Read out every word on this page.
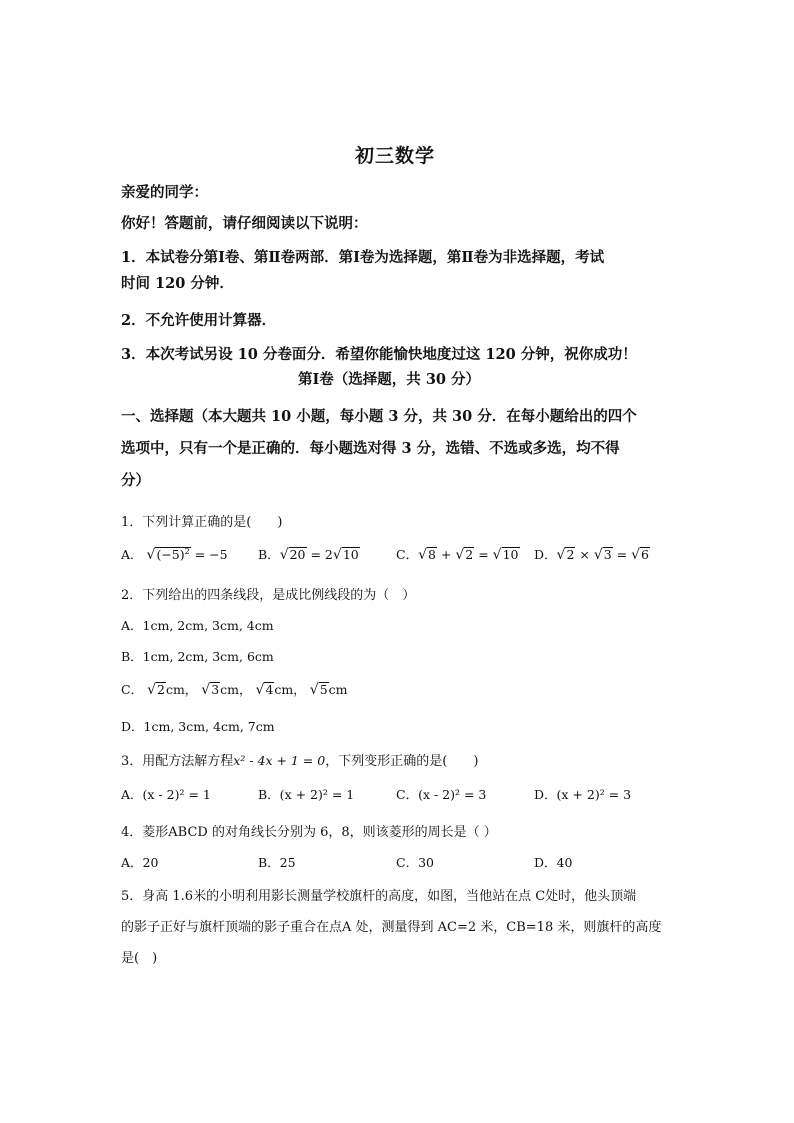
初三数学
亲爱的同学：
你好！答题前，请仔细阅读以下说明：
1．本试卷分第Ⅰ卷、第Ⅱ卷两部．第Ⅰ卷为选择题，第Ⅱ卷为非选择题，考试
时间 120 分钟．
2．不允许使用计算器．
3．本次考试另设 10 分卷面分．希望你能愉快地度过这 120 分钟，祝你成功！
第Ⅰ卷（选择题，共 30 分）
一、选择题（本大题共 10 小题，每小题 3 分，共 30 分．在每小题给出的四个
选项中，只有一个是正确的．每小题选对得 3 分，选错、不选或多选，均不得
分）
1．下列计算正确的是(　　)
A． $√(-5)^2 = -5$ B．√20 = 2√10	C．√8 + √2 = √10 D．√2 × √3 = √6
2．下列给出的四条线段，是成比例线段的为（　）
A．1cm, 2cm, 3cm, 4cm
B．1cm, 2cm, 3cm, 6cm
C． √2cm， √3cm， √4cm， √5cm
D．1cm, 3cm, 4cm, 7cm
3．用配方法解方程x² - 4x + 1 = 0，下列变形正确的是(　　)
A．(x - 2)² = 1	B．(x + 2)² = 1	C．(x - 2)² = 3	D．(x + 2)² = 3
4．菱形ABCD 的对角线长分别为 6，8，则该菱形的周长是（ ）
A．20	B．25	C．30	D．40
5．身高 1.6米的小明利用影长测量学校旗杆的高度，如图，当他站在点 C处时，他头顶端
的影子正好与旗杆顶端的影子重合在点A 处，测量得到 AC=2 米，CB=18 米，则旗杆的高度
是(　)
